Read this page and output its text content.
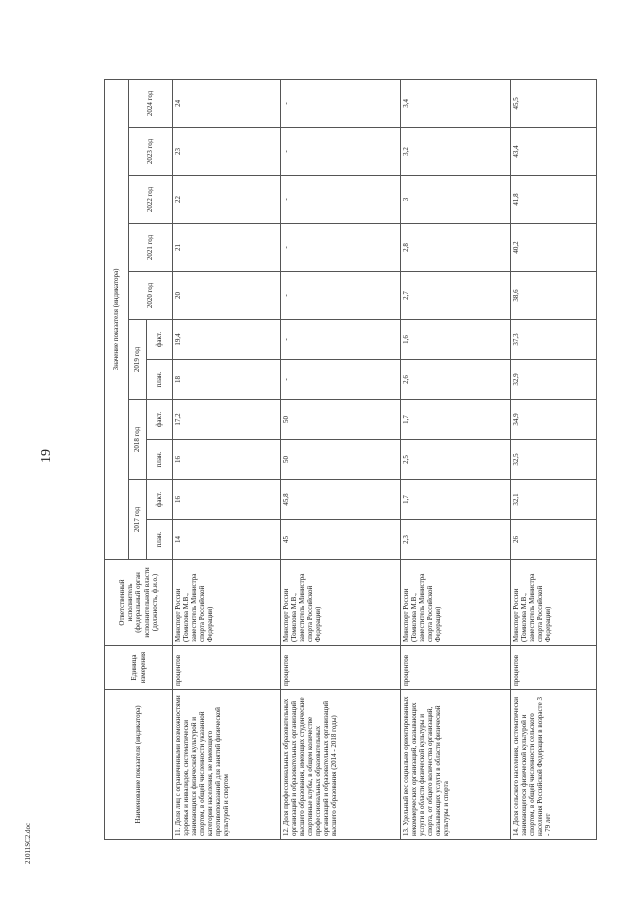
19
Наименование показателя (индикатора)	Единица измерения	Ответственный исполнитель (федеральный орган исполнительной власти (должность, ф.и.о.)	Значение показателя (индикатора)										
			2017 год		2018 год		2019 год		2020 год	2021 год	2022 год	2023 год	2024 год
			план.	факт.	план.	факт.	план.	факт.					
11. Доля лиц с ограниченными возможностями здоровья и инвалидов, систематически занимающихся физической культурой и спортом, в общей численности указанной категории населения, не имеющего противопоказаний для занятий физической культурой и спортом	процентов	Минспорт России (Томилова М.В., заместитель Министра спорта Российской Федерации)	14	16	16	17,2	18	19,4	20	21	22	23	24
12. Доля профессиональных образовательных организаций и образовательных организаций высшего образования, имеющих студенческие спортивные клубы, в общем количестве профессиональных образовательных организаций и образовательных организаций высшего образования (2014 - 2018 годы)	процентов	Минспорт России (Томилова М.В., заместитель Министра спорта Российской Федерации)	45	45,8	50	50	-	-	-	-	-	-	-
13. Удельный вес социально ориентированных некоммерческих организаций, оказывающих услуги в области физической культуры и спорта, от общего количества организаций, оказывающих услуги в области физической культуры и спорта	процентов	Минспорт России (Томилова М.В., заместитель Министра спорта Российской Федерации)	2,3	1,7	2,5	1,7	2,6	1,6	2,7	2,8	3	3,2	3,4
14. Доля сельского населения, систематически занимающегося физической культурой и спортом, в общей численности сельского населения Российской Федерации в возрасте 3 - 79 лет	процентов	Минспорт России (Томилова М.В., заместитель Министра спорта Российской Федерации)	26	32,1	32,5	34,9	32,9	37,3	38,6	40,2	41,8	43,4	45,5
21011SC2.doc
